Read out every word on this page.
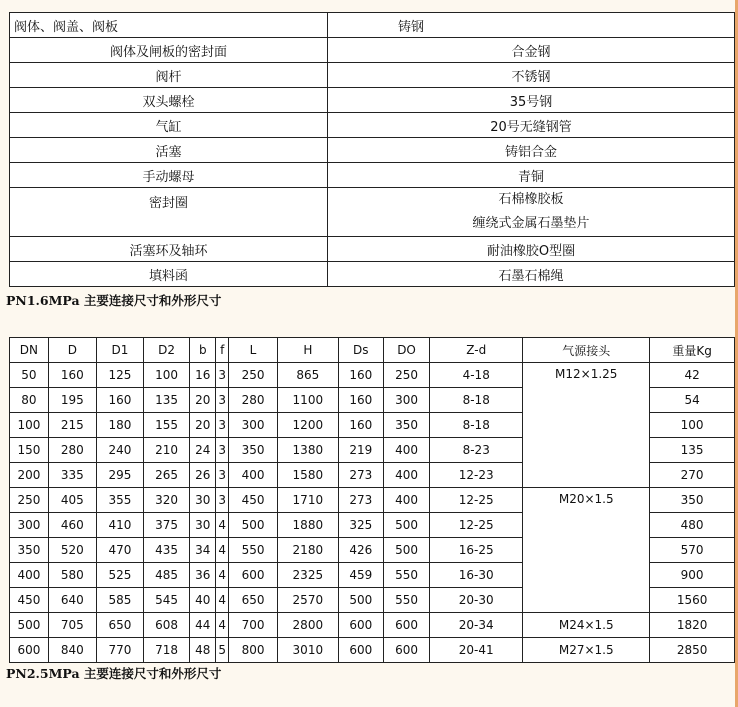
阀体、阀盖、阀板	铸钢
阀体及闸板的密封面	合金钢
阀杆	不锈钢
双头螺栓	35号钢
气缸	20号无缝钢管
活塞	铸铝合金
手动螺母	青铜
密封圈	石棉橡胶板
缠绕式金属石墨垫片

活塞环及轴环	耐油橡胶O型圈
填料函	石墨石棉绳
PN1.6MPa 主要连接尺寸和外形尺寸
DN	D	D1	D2	b	f	L	H	Ds	DO	Z-d	气源接头	重量Kg
50	160	125	100	16	3	250	865	160	250	4-18	M12×1.25	42
80	195	160	135	20	3	280	1100	160	300	8-18		54
100	215	180	155	20	3	300	1200	160	350	8-18		100
150	280	240	210	24	3	350	1380	219	400	8-23		135
200	335	295	265	26	3	400	1580	273	400	12-23		270
250	405	355	320	30	3	450	1710	273	400	12-25	M20×1.5	350
300	460	410	375	30	4	500	1880	325	500	12-25		480
350	520	470	435	34	4	550	2180	426	500	16-25		570
400	580	525	485	36	4	600	2325	459	550	16-30		900
450	640	585	545	40	4	650	2570	500	550	20-30		1560
500	705	650	608	44	4	700	2800	600	600	20-34	M24×1.5	1820
600	840	770	718	48	5	800	3010	600	600	20-41	M27×1.5	2850
PN2.5MPa 主要连接尺寸和外形尺寸
